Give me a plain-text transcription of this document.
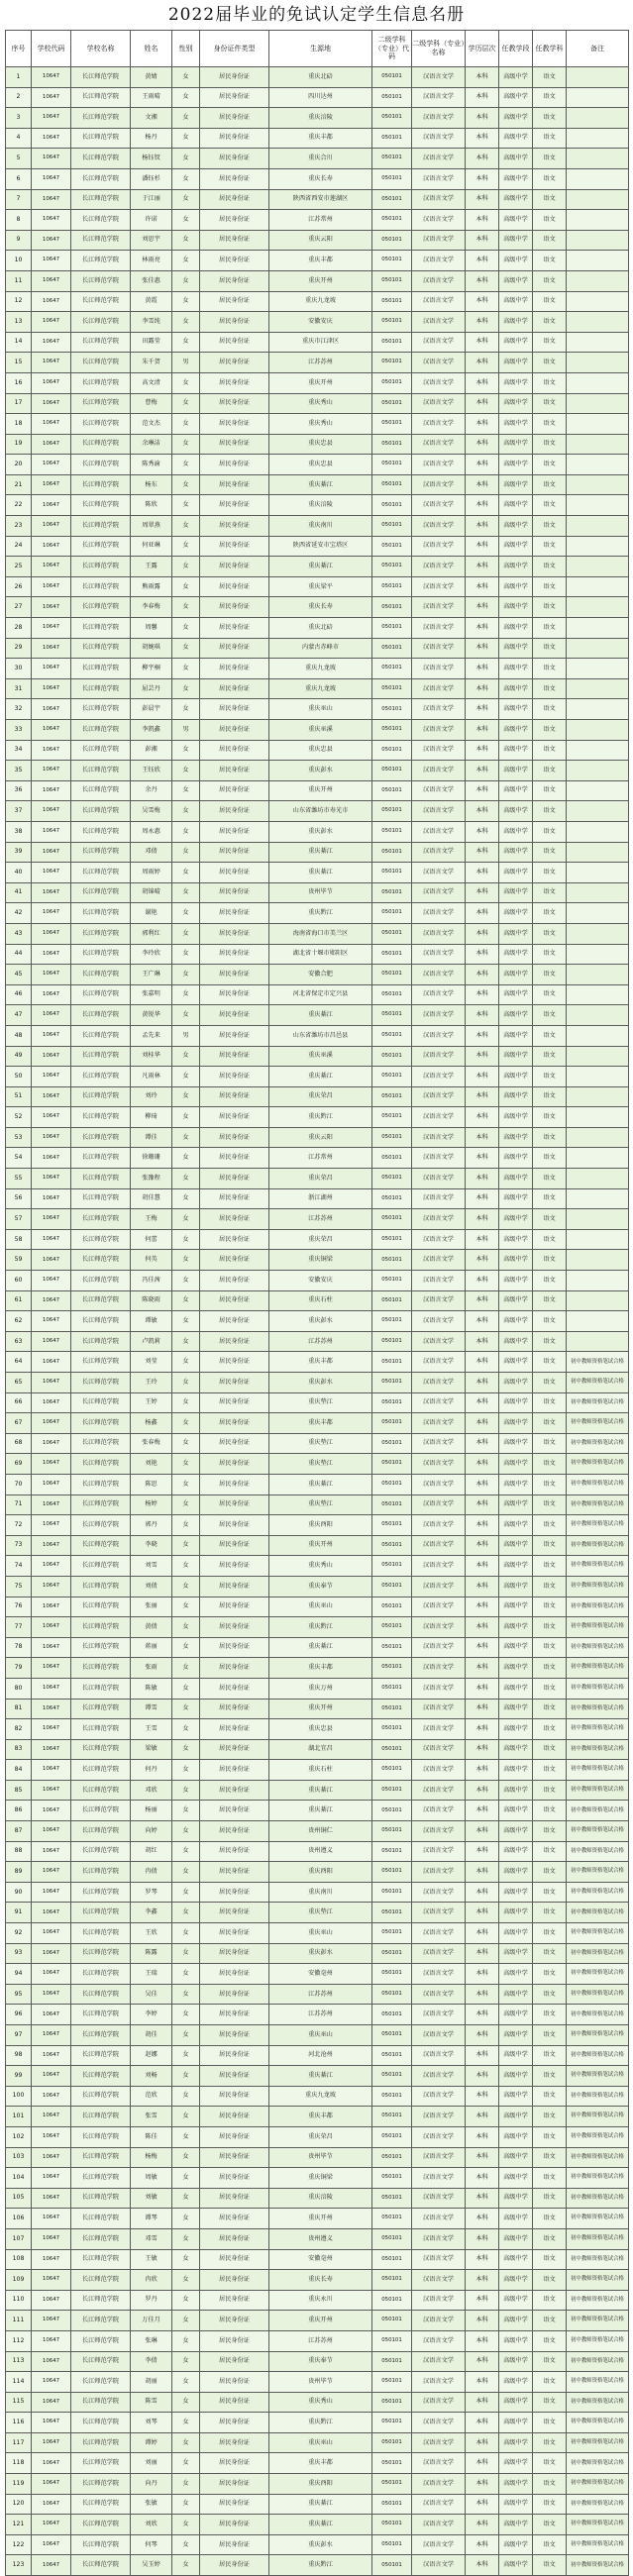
2022届毕业的免试认定学生信息名册
序号	学校代码	学校名称	姓名	性别	身份证件类型	生源地	二级学科（专业）代码	二级学科（专业）名称	学历层次	任教学段	任教学科	备注
1	10647	长江师范学院	黄婧	女	居民身份证	重庆北碚	050101	汉语言文学	本科	高级中学	语文	
2	10647	长江师范学院	王雨晴	女	居民身份证	四川达州	050101	汉语言文学	本科	高级中学	语文	
3	10647	长江师范学院	文湘	女	居民身份证	重庆涪陵	050101	汉语言文学	本科	高级中学	语文	
4	10647	长江师范学院	杨丹	女	居民身份证	重庆丰都	050101	汉语言文学	本科	高级中学	语文	
5	10647	长江师范学院	杨钰钗	女	居民身份证	重庆合川	050101	汉语言文学	本科	高级中学	语文	
6	10647	长江师范学院	潘钰杉	女	居民身份证	重庆长寿	050101	汉语言文学	本科	高级中学	语文	
7	10647	长江师范学院	于江丽	女	居民身份证	陕西省西安市莲湖区	050101	汉语言文学	本科	高级中学	语文	
8	10647	长江师范学院	许诺	女	居民身份证	江苏常州	050101	汉语言文学	本科	高级中学	语文	
9	10647	长江师范学院	刘思宇	女	居民身份证	重庆云阳	050101	汉语言文学	本科	高级中学	语文	
10	10647	长江师范学院	林雨亮	女	居民身份证	重庆丰都	050101	汉语言文学	本科	高级中学	语文	
11	10647	长江师范学院	张佳惠	女	居民身份证	重庆开州	050101	汉语言文学	本科	高级中学	语文	
12	10647	长江师范学院	黄霞	女	居民身份证	重庆九龙坡	050101	汉语言文学	本科	高级中学	语文	
13	10647	长江师范学院	李雪纯	女	居民身份证	安徽安庆	050101	汉语言文学	本科	高级中学	语文	
14	10647	长江师范学院	田露莹	女	居民身份证	重庆市江津区	050101	汉语言文学	本科	高级中学	语文	
15	10647	长江师范学院	朱千贺	男	居民身份证	江苏苏州	050101	汉语言文学	本科	高级中学	语文	
16	10647	长江师范学院	高文清	女	居民身份证	重庆开州	050101	汉语言文学	本科	高级中学	语文	
17	10647	长江师范学院	曹梅	女	居民身份证	重庆秀山	050101	汉语言文学	本科	高级中学	语文	
18	10647	长江师范学院	范文杰	女	居民身份证	重庆秀山	050101	汉语言文学	本科	高级中学	语文	
19	10647	长江师范学院	余琳洁	女	居民身份证	重庆忠县	050101	汉语言文学	本科	高级中学	语文	
20	10647	长江师范学院	陈秀渝	女	居民身份证	重庆忠县	050101	汉语言文学	本科	高级中学	语文	
21	10647	长江师范学院	杨东	女	居民身份证	重庆綦江	050101	汉语言文学	本科	高级中学	语文	
22	10647	长江师范学院	陈欣	女	居民身份证	重庆涪陵	050101	汉语言文学	本科	高级中学	语文	
23	10647	长江师范学院	周翠燕	女	居民身份证	重庆南川	050101	汉语言文学	本科	高级中学	语文	
24	10647	长江师范学院	何亚琳	女	居民身份证	陕西省延安市宝塔区	050101	汉语言文学	本科	高级中学	语文	
25	10647	长江师范学院	王露	女	居民身份证	重庆綦江	050101	汉语言文学	本科	高级中学	语文	
26	10647	长江师范学院	熊雨露	女	居民身份证	重庆梁平	050101	汉语言文学	本科	高级中学	语文	
27	10647	长江师范学院	李春梅	女	居民身份证	重庆长寿	050101	汉语言文学	本科	高级中学	语文	
28	10647	长江师范学院	周馨	女	居民身份证	重庆北碚	050101	汉语言文学	本科	高级中学	语文	
29	10647	长江师范学院	胡婉琪	女	居民身份证	内蒙古赤峰市	050101	汉语言文学	本科	高级中学	语文	
30	10647	长江师范学院	柳宇桐	女	居民身份证	重庆九龙坡	050101	汉语言文学	本科	高级中学	语文	
31	10647	长江师范学院	屈芸丹	女	居民身份证	重庆九龙坡	050101	汉语言文学	本科	高级中学	语文	
32	10647	长江师范学院	彭晨宇	女	居民身份证	重庆巫山	050101	汉语言文学	本科	高级中学	语文	
33	10647	长江师范学院	李凯鑫	男	居民身份证	重庆巫溪	050101	汉语言文学	本科	高级中学	语文	
34	10647	长江师范学院	彭湘	女	居民身份证	重庆忠县	050101	汉语言文学	本科	高级中学	语文	
35	10647	长江师范学院	王钰欣	女	居民身份证	重庆彭水	050101	汉语言文学	本科	高级中学	语文	
36	10647	长江师范学院	余丹	女	居民身份证	重庆开州	050101	汉语言文学	本科	高级中学	语文	
37	10647	长江师范学院	吴雪梅	女	居民身份证	山东省潍坊市寿光市	050101	汉语言文学	本科	高级中学	语文	
38	10647	长江师范学院	周永惠	女	居民身份证	重庆彭水	050101	汉语言文学	本科	高级中学	语文	
39	10647	长江师范学院	邓倩	女	居民身份证	重庆綦江	050101	汉语言文学	本科	高级中学	语文	
40	10647	长江师范学院	周雨婷	女	居民身份证	重庆綦江	050101	汉语言文学	本科	高级中学	语文	
41	10647	长江师范学院	胡锦晴	女	居民身份证	贵州毕节	050101	汉语言文学	本科	高级中学	语文	
42	10647	长江师范学院	谢艳	女	居民身份证	重庆黔江	050101	汉语言文学	本科	高级中学	语文	
43	10647	长江师范学院	郭利红	女	居民身份证	海南省海口市美兰区	050101	汉语言文学	本科	高级中学	语文	
44	10647	长江师范学院	李玲欣	女	居民身份证	湖北省十堰市郧阳区	050101	汉语言文学	本科	高级中学	语文	
45	10647	长江师范学院	王广琳	女	居民身份证	安徽合肥	050101	汉语言文学	本科	高级中学	语文	
46	10647	长江师范学院	张嘉明	女	居民身份证	河北省保定市定兴县	050101	汉语言文学	本科	高级中学	语文	
47	10647	长江师范学院	黄锐华	女	居民身份证	重庆綦江	050101	汉语言文学	本科	高级中学	语文	
48	10647	长江师范学院	孟先来	男	居民身份证	山东省潍坊市昌邑县	050101	汉语言文学	本科	高级中学	语文	
49	10647	长江师范学院	刘桂华	女	居民身份证	重庆巫溪	050101	汉语言文学	本科	高级中学	语文	
50	10647	长江师范学院	凡雨林	女	居民身份证	重庆綦江	050101	汉语言文学	本科	高级中学	语文	
51	10647	长江师范学院	刘玲	女	居民身份证	重庆荣昌	050101	汉语言文学	本科	高级中学	语文	
52	10647	长江师范学院	柳琦	女	居民身份证	重庆黔江	050101	汉语言文学	本科	高级中学	语文	
53	10647	长江师范学院	谭佳	女	居民身份证	重庆云阳	050101	汉语言文学	本科	高级中学	语文	
54	10647	长江师范学院	徐珊珊	女	居民身份证	江苏常州	050101	汉语言文学	本科	高级中学	语文	
55	10647	长江师范学院	张豫程	女	居民身份证	重庆荣昌	050101	汉语言文学	本科	高级中学	语文	
56	10647	长江师范学院	胡佳慧	女	居民身份证	浙江湖州	050101	汉语言文学	本科	高级中学	语文	
57	10647	长江师范学院	王梅	女	居民身份证	江苏苏州	050101	汉语言文学	本科	高级中学	语文	
58	10647	长江师范学院	何蕾	女	居民身份证	重庆荣昌	050101	汉语言文学	本科	高级中学	语文	
59	10647	长江师范学院	何英	女	居民身份证	重庆铜梁	050101	汉语言文学	本科	高级中学	语文	
60	10647	长江师范学院	冯佳茜	女	居民身份证	安徽安庆	050101	汉语言文学	本科	高级中学	语文	
61	10647	长江师范学院	陈晓雨	女	居民身份证	重庆石柱	050101	汉语言文学	本科	高级中学	语文	
62	10647	长江师范学院	谭敏	女	居民身份证	重庆彭水	050101	汉语言文学	本科	高级中学	语文	
63	10647	长江师范学院	卢凯莉	女	居民身份证	江苏苏州	050101	汉语言文学	本科	高级中学	语文	
64	10647	长江师范学院	刘莹	女	居民身份证	重庆丰都	050101	汉语言文学	本科	高级中学	语文	初中教师资格笔试合格
65	10647	长江师范学院	王玲	女	居民身份证	重庆彭水	050101	汉语言文学	本科	高级中学	语文	初中教师资格笔试合格
66	10647	长江师范学院	王婷	女	居民身份证	重庆垫江	050101	汉语言文学	本科	高级中学	语文	初中教师资格笔试合格
67	10647	长江师范学院	杨鑫	女	居民身份证	重庆丰都	050101	汉语言文学	本科	高级中学	语文	初中教师资格笔试合格
68	10647	长江师范学院	张春梅	女	居民身份证	重庆垫江	050101	汉语言文学	本科	高级中学	语文	初中教师资格笔试合格
69	10647	长江师范学院	刘艳	女	居民身份证	重庆垫江	050101	汉语言文学	本科	高级中学	语文	初中教师资格笔试合格
70	10647	长江师范学院	陈思	女	居民身份证	重庆綦江	050101	汉语言文学	本科	高级中学	语文	初中教师资格笔试合格
71	10647	长江师范学院	杨婷	女	居民身份证	重庆垫江	050101	汉语言文学	本科	高级中学	语文	初中教师资格笔试合格
72	10647	长江师范学院	郭丹	女	居民身份证	重庆酉阳	050101	汉语言文学	本科	高级中学	语文	初中教师资格笔试合格
73	10647	长江师范学院	李晓	女	居民身份证	重庆开州	050101	汉语言文学	本科	高级中学	语文	初中教师资格笔试合格
74	10647	长江师范学院	刘雪	女	居民身份证	重庆秀山	050101	汉语言文学	本科	高级中学	语文	初中教师资格笔试合格
75	10647	长江师范学院	刘倩	女	居民身份证	重庆奉节	050101	汉语言文学	本科	高级中学	语文	初中教师资格笔试合格
76	10647	长江师范学院	张丽	女	居民身份证	重庆巫山	050101	汉语言文学	本科	高级中学	语文	初中教师资格笔试合格
77	10647	长江师范学院	黄倩	女	居民身份证	重庆黔江	050101	汉语言文学	本科	高级中学	语文	初中教师资格笔试合格
78	10647	长江师范学院	蒋丽	女	居民身份证	重庆綦江	050101	汉语言文学	本科	高级中学	语文	初中教师资格笔试合格
79	10647	长江师范学院	张雨	女	居民身份证	重庆丰都	050101	汉语言文学	本科	高级中学	语文	初中教师资格笔试合格
80	10647	长江师范学院	陈敏	女	居民身份证	重庆万州	050101	汉语言文学	本科	高级中学	语文	初中教师资格笔试合格
81	10647	长江师范学院	谭雪	女	居民身份证	重庆开州	050101	汉语言文学	本科	高级中学	语文	初中教师资格笔试合格
82	10647	长江师范学院	王雪	女	居民身份证	重庆忠县	050101	汉语言文学	本科	高级中学	语文	初中教师资格笔试合格
83	10647	长江师范学院	梁敏	女	居民身份证	湖北宜昌	050101	汉语言文学	本科	高级中学	语文	初中教师资格笔试合格
84	10647	长江师范学院	何丹	女	居民身份证	重庆石柱	050101	汉语言文学	本科	高级中学	语文	初中教师资格笔试合格
85	10647	长江师范学院	邓欣	女	居民身份证	重庆綦江	050101	汉语言文学	本科	高级中学	语文	初中教师资格笔试合格
86	10647	长江师范学院	杨丽	女	居民身份证	重庆綦江	050101	汉语言文学	本科	高级中学	语文	初中教师资格笔试合格
87	10647	长江师范学院	向婷	女	居民身份证	贵州铜仁	050101	汉语言文学	本科	高级中学	语文	初中教师资格笔试合格
88	10647	长江师范学院	胡红	女	居民身份证	贵州遵义	050101	汉语言文学	本科	高级中学	语文	初中教师资格笔试合格
89	10647	长江师范学院	冉倩	女	居民身份证	重庆酉阳	050101	汉语言文学	本科	高级中学	语文	初中教师资格笔试合格
90	10647	长江师范学院	罗琴	女	居民身份证	重庆南川	050101	汉语言文学	本科	高级中学	语文	初中教师资格笔试合格
91	10647	长江师范学院	李鑫	女	居民身份证	重庆垫江	050101	汉语言文学	本科	高级中学	语文	初中教师资格笔试合格
92	10647	长江师范学院	王欣	女	居民身份证	重庆巫山	050101	汉语言文学	本科	高级中学	语文	初中教师资格笔试合格
93	10647	长江师范学院	陈露	女	居民身份证	重庆彭水	050101	汉语言文学	本科	高级中学	语文	初中教师资格笔试合格
94	10647	长江师范学院	王瑞	女	居民身份证	安徽亳州	050101	汉语言文学	本科	高级中学	语文	初中教师资格笔试合格
95	10647	长江师范学院	吴佳	女	居民身份证	江苏苏州	050101	汉语言文学	本科	高级中学	语文	初中教师资格笔试合格
96	10647	长江师范学院	李婷	女	居民身份证	江苏苏州	050101	汉语言文学	本科	高级中学	语文	初中教师资格笔试合格
97	10647	长江师范学院	胡佳	女	居民身份证	重庆巫山	050101	汉语言文学	本科	高级中学	语文	初中教师资格笔试合格
98	10647	长江师范学院	赵娜	女	居民身份证	河北沧州	050101	汉语言文学	本科	高级中学	语文	初中教师资格笔试合格
99	10647	长江师范学院	刘畅	女	居民身份证	重庆綦江	050101	汉语言文学	本科	高级中学	语文	初中教师资格笔试合格
100	10647	长江师范学院	范欣	女	居民身份证	重庆九龙坡	050101	汉语言文学	本科	高级中学	语文	初中教师资格笔试合格
101	10647	长江师范学院	张雪	女	居民身份证	重庆丰都	050101	汉语言文学	本科	高级中学	语文	初中教师资格笔试合格
102	10647	长江师范学院	陈佳	女	居民身份证	重庆荣昌	050101	汉语言文学	本科	高级中学	语文	初中教师资格笔试合格
103	10647	长江师范学院	杨梅	女	居民身份证	贵州毕节	050101	汉语言文学	本科	高级中学	语文	初中教师资格笔试合格
104	10647	长江师范学院	周敏	女	居民身份证	重庆铜梁	050101	汉语言文学	本科	高级中学	语文	初中教师资格笔试合格
105	10647	长江师范学院	刘敏	女	居民身份证	重庆涪陵	050101	汉语言文学	本科	高级中学	语文	初中教师资格笔试合格
106	10647	长江师范学院	谭琴	女	居民身份证	重庆开州	050101	汉语言文学	本科	高级中学	语文	初中教师资格笔试合格
107	10647	长江师范学院	邓雪	女	居民身份证	贵州遵义	050101	汉语言文学	本科	高级中学	语文	初中教师资格笔试合格
108	10647	长江师范学院	王敏	女	居民身份证	安徽亳州	050101	汉语言文学	本科	高级中学	语文	初中教师资格笔试合格
109	10647	长江师范学院	冉欣	女	居民身份证	重庆长寿	050101	汉语言文学	本科	高级中学	语文	初中教师资格笔试合格
110	10647	长江师范学院	罗丹	女	居民身份证	重庆永川	050101	汉语言文学	本科	高级中学	语文	初中教师资格笔试合格
111	10647	长江师范学院	万佳月	女	居民身份证	重庆开州	050101	汉语言文学	本科	高级中学	语文	初中教师资格笔试合格
112	10647	长江师范学院	张琳	女	居民身份证	江苏苏州	050101	汉语言文学	本科	高级中学	语文	初中教师资格笔试合格
113	10647	长江师范学院	李倩	女	居民身份证	重庆奉节	050101	汉语言文学	本科	高级中学	语文	初中教师资格笔试合格
114	10647	长江师范学院	胡丽	女	居民身份证	贵州毕节	050101	汉语言文学	本科	高级中学	语文	初中教师资格笔试合格
115	10647	长江师范学院	陈雪	女	居民身份证	重庆秀山	050101	汉语言文学	本科	高级中学	语文	初中教师资格笔试合格
116	10647	长江师范学院	刘琴	女	居民身份证	重庆黔江	050101	汉语言文学	本科	高级中学	语文	初中教师资格笔试合格
117	10647	长江师范学院	谭婷	女	居民身份证	重庆巫山	050101	汉语言文学	本科	高级中学	语文	初中教师资格笔试合格
118	10647	长江师范学院	刘丽	女	居民身份证	重庆丰都	050101	汉语言文学	本科	高级中学	语文	初中教师资格笔试合格
119	10647	长江师范学院	向丹	女	居民身份证	重庆酉阳	050101	汉语言文学	本科	高级中学	语文	初中教师资格笔试合格
120	10647	长江师范学院	张敏	女	居民身份证	重庆綦江	050101	汉语言文学	本科	高级中学	语文	初中教师资格笔试合格
121	10647	长江师范学院	刘欣	女	居民身份证	重庆綦江	050101	汉语言文学	本科	高级中学	语文	初中教师资格笔试合格
122	10647	长江师范学院	何琴	女	居民身份证	重庆彭水	050101	汉语言文学	本科	高级中学	语文	初中教师资格笔试合格
123	10647	长江师范学院	吴玉婷	女	居民身份证	重庆黔江	050101	汉语言文学	本科	高级中学	语文	初中教师资格笔试合格
